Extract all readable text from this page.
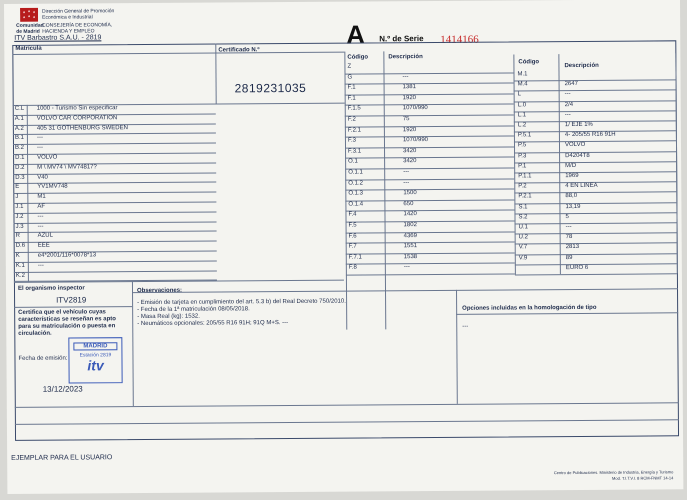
Dirección General de Promoción
Económica e Industrial
Comunidad
de Madrid
CONSEJERÍA DE ECONOMÍA,
HACIENDA Y EMPLEO
ITV Barbastro S.A.U. - 2819	A N.º de Serie 1414166
Matrícula	Certificado N.º
2819231035
C.L 1000 - Turismo Sin especificar
A.1 VOLVO CAR CORPORATION
A.2 405 31 GOTHENBURG SWEDEN
B.1 ---
B.2 ---
D.1 VOLVO
D.2 M \ MV74 \ MV74817?
D.3 V40
E	YV1MV748
J	M1
J.1 AF
J.2 ---
J.3 ---
R	AZUL
D.6 EEE
K	e4*2001/116*0078*13
K.1 ---
K.2
Código	Descripción
Z
G	---
F.1	1381
F.1	1920
F.1.5	1070/990
F.2	75
F.2.1	1920
F.3	1070/990
F.3.1	3420
O.1	3420
O.1.1	---
O.1.2	---
O.1.3	1500
O.1.4	650
F.4	1420
F.5	1802
F.6	4369
F.7	1551
F.7.1	1538
F.8	---
Código
Descripción
M.1
M.4	2647
L	---
L.0	2/4
L.1	---
L.2	1/ EJE 1%
P.5.1	4- 205/55 R16 91H
P.5	VOLVO
P.3	D4204T8
P.1	M/D
P.1.1	1969
P.2	4 EN LINEA
P.2.1	88,0
S.1	13,19
S.2	5
U.1	---
U.2	78
V.7	2813
V.9	89
EURO 6
El organismo inspector
ITV2819
Certifica que el vehículo cuyas características se reseñan es apto para su matriculación o puesta en circulación.
Fecha de emisión:
MADRID
Estación 2819
itv
13/12/2023
Observaciones:
- Emisión de tarjeta en cumplimiento del art. 5.3 b) del Real Decreto 750/2010.
- Fecha de la 1ª matriculación 08/05/2018.
- Masa Real (kg): 1532.
- Neumáticos opcionales: 205/55 R16 91H; 91Q M+S. ---
Opciones incluidas en la homologación de tipo
---
EJEMPLAR PARA EL USUARIO
Centro de Publicaciones. Ministerio de Industria, Energía y Turismo
Mod. T.I.T.V.I. 8 RCM-FNMT 14-14
